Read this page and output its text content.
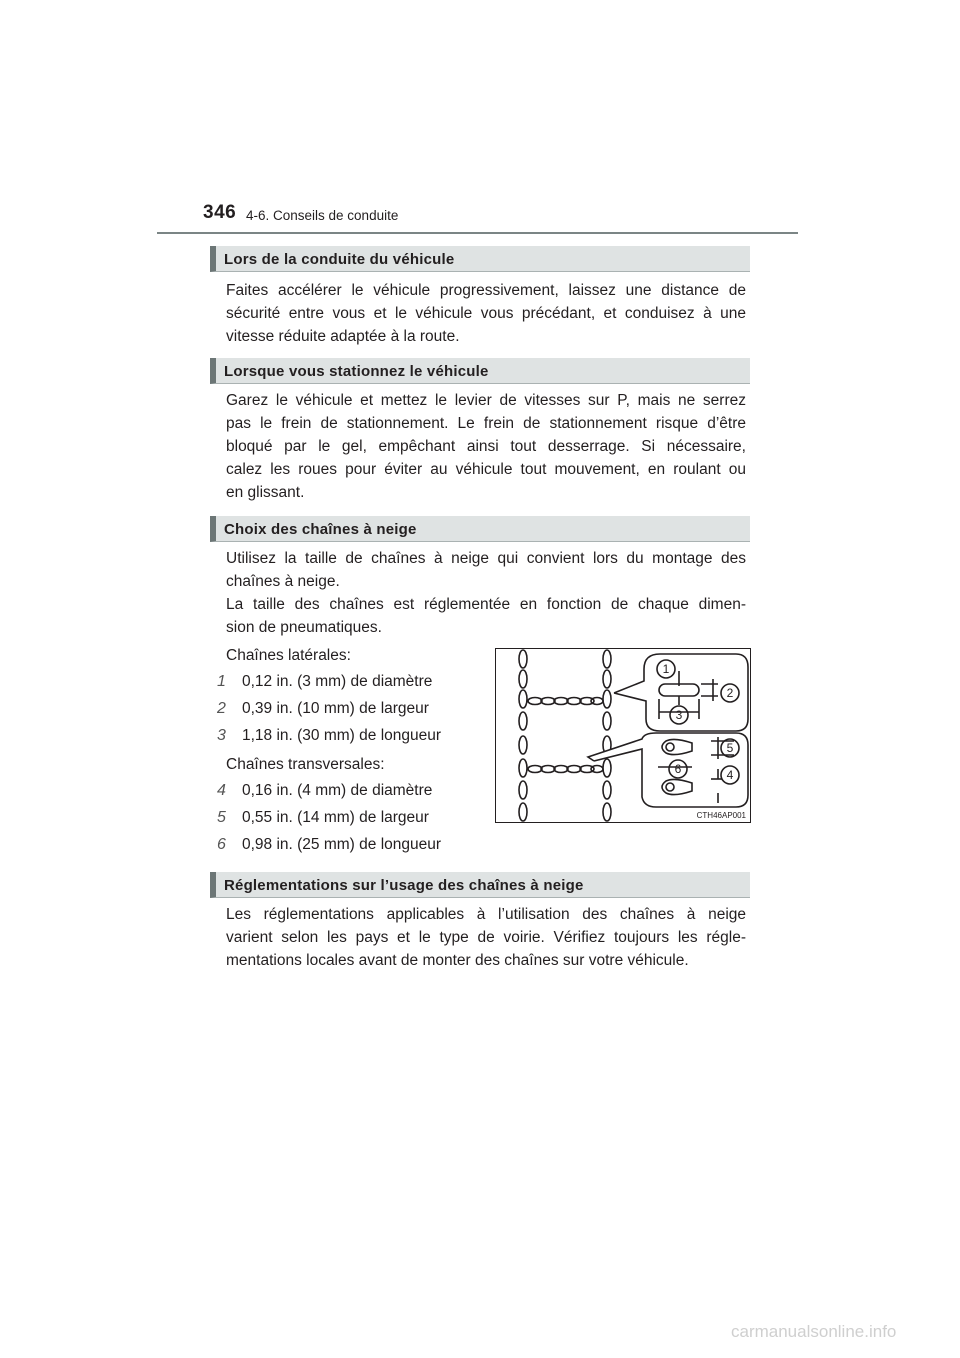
346 4-6. Conseils de conduite
Lors de la conduite du véhicule
Faites accélérer le véhicule progressivement, laissez une distance de
sécurité entre vous et le véhicule vous précédant, et conduisez à une
vitesse réduite adaptée à la route.
Lorsque vous stationnez le véhicule
Garez le véhicule et mettez le levier de vitesses sur P, mais ne serrez
pas le frein de stationnement. Le frein de stationnement risque d’être
bloqué par le gel, empêchant ainsi tout desserrage. Si nécessaire,
calez les roues pour éviter au véhicule tout mouvement, en roulant ou
en glissant.
Choix des chaînes à neige
Utilisez la taille de chaînes à neige qui convient lors du montage des
chaînes à neige.
La taille des chaînes est réglementée en fonction de chaque dimen-
sion de pneumatiques.
Chaînes latérales:
1	0,12 in. (3 mm) de diamètre
2	0,39 in. (10 mm) de largeur
3	1,18 in. (30 mm) de longueur
Chaînes transversales:
4	0,16 in. (4 mm) de diamètre
5	0,55 in. (14 mm) de largeur
6	0,98 in. (25 mm) de longueur
1
2
3
5
6	4
CTH46AP001
Réglementations sur l’usage des chaînes à neige
Les réglementations applicables à l’utilisation des chaînes à neige
varient selon les pays et le type de voirie. Vérifiez toujours les régle-
mentations locales avant de monter des chaînes sur votre véhicule.
carmanualsonline.info
